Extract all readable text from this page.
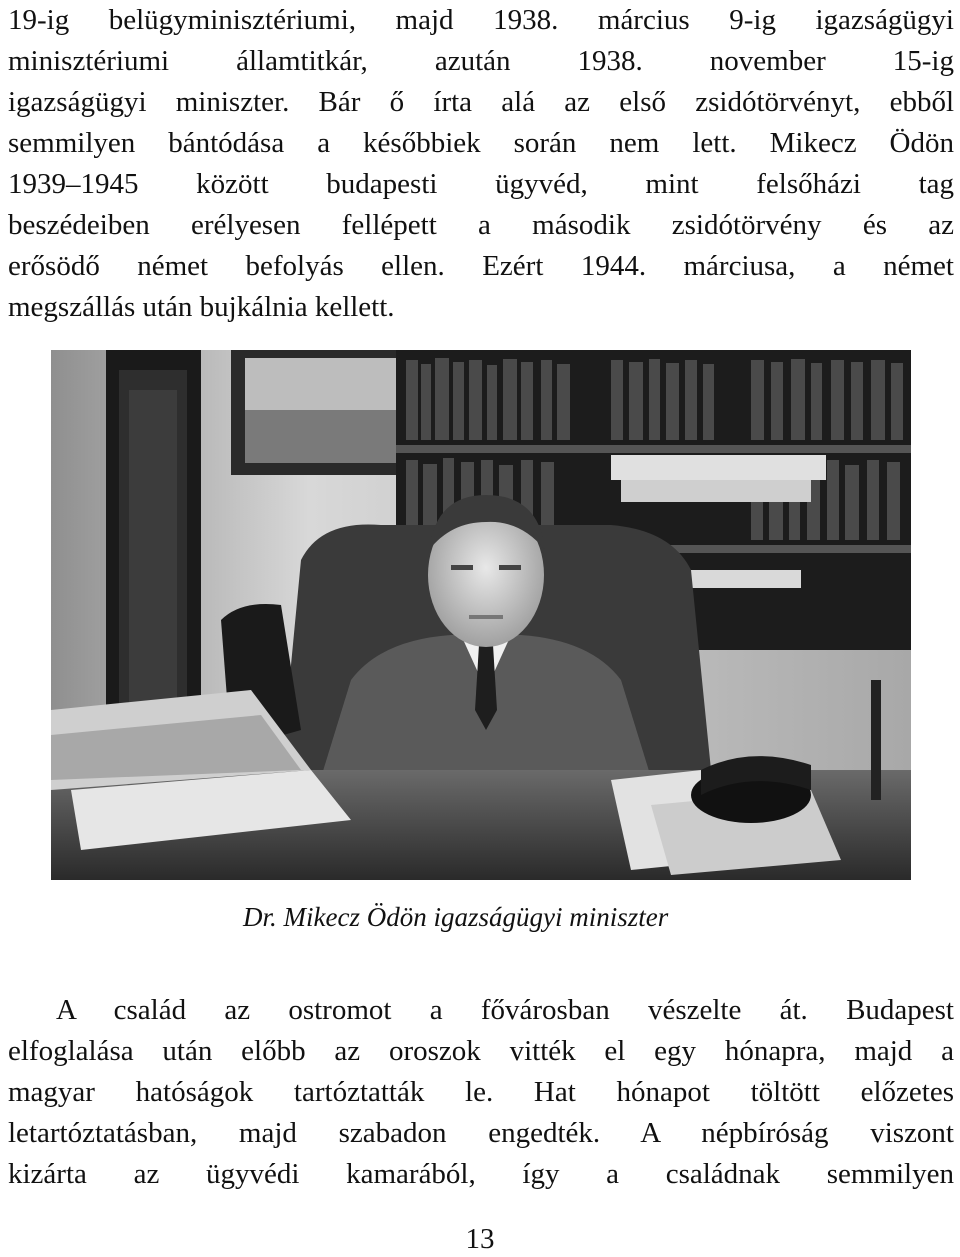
19-ig belügyminisztériumi, majd 1938. március 9-ig igazságügyi
minisztériumi államtitkár, azután 1938. november 15-ig
igazságügyi miniszter. Bár ő írta alá az első zsidótörvényt, ebből
semmilyen bántódása a későbbiek során nem lett. Mikecz Ödön
1939–1945 között budapesti ügyvéd, mint felsőházi tag
beszédeiben erélyesen fellépett a második zsidótörvény és az
erősödő német befolyás ellen. Ezért 1944. márciusa, a német
megszállás után bujkálnia kellett.
Dr. Mikecz Ödön igazságügyi miniszter
A család az ostromot a fővárosban vészelte át. Budapest
elfoglalása után előbb az oroszok vitték el egy hónapra, majd a
magyar hatóságok tartóztatták le. Hat hónapot töltött előzetes
letartóztatásban, majd szabadon engedték. A népbíróság viszont
kizárta az ügyvédi kamarából, így a családnak semmilyen
13
